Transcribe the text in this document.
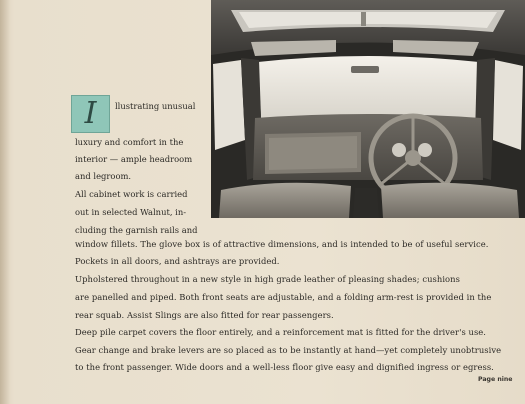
I	llustrating unusual
luxury and comfort in the
interior — ample headroom
and legroom.
All cabinet work is carried
out in selected Walnut, in-
cluding the garnish rails and
window fillets. The glove box is of attractive dimensions, and is intended to be of useful service.
Pockets in all doors, and ashtrays are provided.
Upholstered throughout in a new style in high grade leather of pleasing shades; cushions
are panelled and piped. Both front seats are adjustable, and a folding arm-rest is provided in the
rear squab. Assist Slings are also fitted for rear passengers.
Deep pile carpet covers the floor entirely, and a reinforcement mat is fitted for the driver's use.
Gear change and brake levers are so placed as to be instantly at hand—yet completely unobtrusive
to the front passenger. Wide doors and a well-less floor give easy and dignified ingress or egress.
Page nine
